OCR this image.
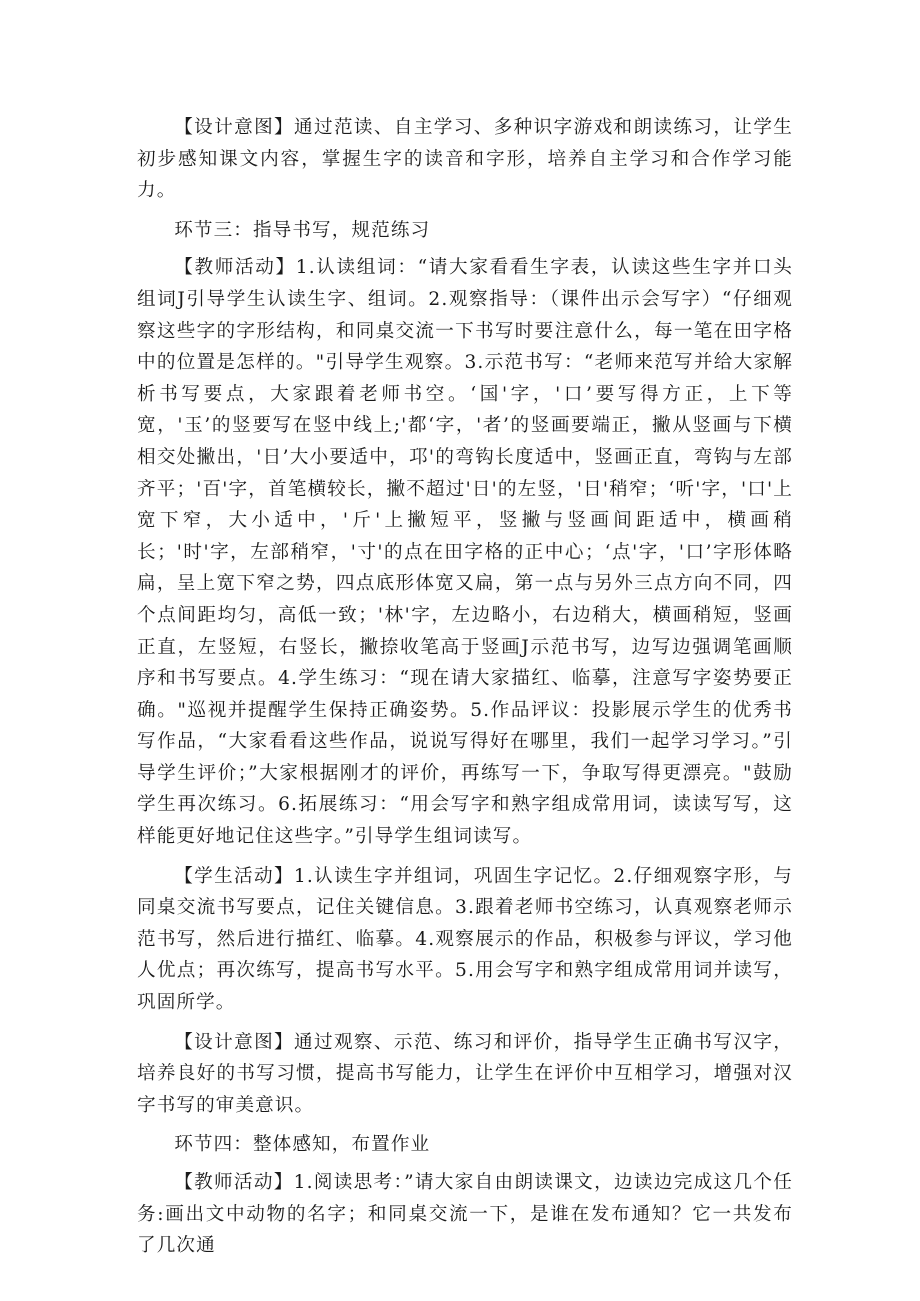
【设计意图】通过范读、自主学习、多种识字游戏和朗读练习，让学生初步感知课文内容，掌握生字的读音和字形，培养自主学习和合作学习能力。

环节三：指导书写，规范练习

【教师活动】1.认读组词：“请大家看看生字表，认读这些生字并口头组词J引导学生认读生字、组词。2.观察指导：（课件出示会写字）“仔细观察这些字的字形结构，和同桌交流一下书写时要注意什么，每一笔在田字格中的位置是怎样的。"引导学生观察。3.示范书写：“老师来范写并给大家解析书写要点，大家跟着老师书空。‘国'字，'口’要写得方正，上下等宽，'玉’的竖要写在竖中线上;'都‘字，'者’的竖画要端正，撇从竖画与下横相交处撇出，'日’大小要适中，邛'的弯钩长度适中，竖画正直，弯钩与左部齐平；'百'字，首笔横较长，撇不超过'日'的左竖，'日'稍窄；‘听'字，'口'上宽下窄，大小适中，'斤'上撇短平，竖撇与竖画间距适中，横画稍长；'时'字，左部稍窄，'寸'的点在田字格的正中心；‘点'字，'口’字形体略扁，呈上宽下窄之势，四点底形体宽又扁，第一点与另外三点方向不同，四个点间距均匀，高低一致；'林'字，左边略小，右边稍大，横画稍短，竖画正直，左竖短，右竖长，撇捺收笔高于竖画J示范书写，边写边强调笔画顺序和书写要点。4.学生练习：“现在请大家描红、临摹，注意写字姿势要正确。"巡视并提醒学生保持正确姿势。5.作品评议：投影展示学生的优秀书写作品，“大家看看这些作品，说说写得好在哪里，我们一起学习学习。”引导学生评价；”大家根据刚才的评价，再练写一下，争取写得更漂亮。"鼓励学生再次练习。6.拓展练习：“用会写字和熟字组成常用词，读读写写，这样能更好地记住这些字。”引导学生组词读写。

【学生活动】1.认读生字并组词，巩固生字记忆。2.仔细观察字形，与同桌交流书写要点，记住关键信息。3.跟着老师书空练习，认真观察老师示范书写，然后进行描红、临摹。4.观察展示的作品，积极参与评议，学习他人优点；再次练写，提高书写水平。5.用会写字和熟字组成常用词并读写，巩固所学。

【设计意图】通过观察、示范、练习和评价，指导学生正确书写汉字，培养良好的书写习惯，提高书写能力，让学生在评价中互相学习，增强对汉字书写的审美意识。

环节四：整体感知，布置作业

【教师活动】1.阅读思考：”请大家自由朗读课文，边读边完成这几个任务:画出文中动物的名字；和同桌交流一下，是谁在发布通知？它一共发布了几次通
